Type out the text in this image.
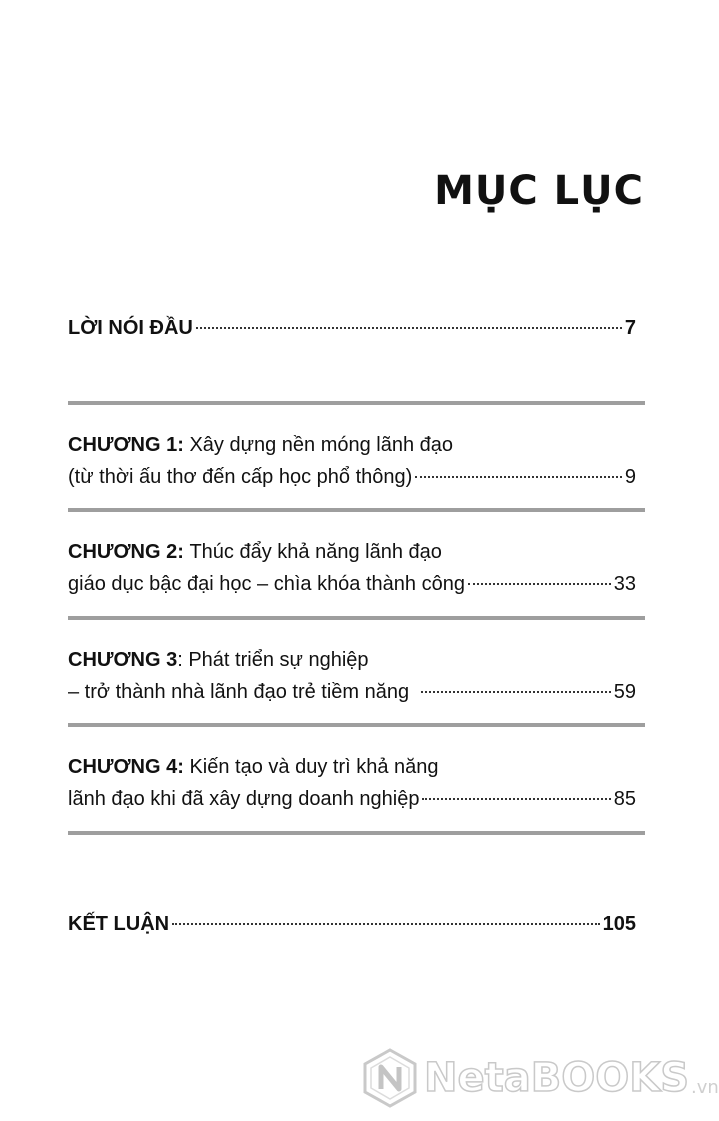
MỤC LỤC
LỜI NÓI ĐẦU	7
CHƯƠNG 1:
Xây dựng nền móng lãnh đạo
(từ thời ấu thơ đến cấp học phổ thông)	9
CHƯƠNG 2:
Thúc đẩy khả năng lãnh đạo
giáo dục bậc đại học – chìa khóa thành công	33
CHƯƠNG 3 :
Phát triển sự nghiệp
– trở thành nhà lãnh đạo trẻ tiềm năng	59
CHƯƠNG 4:
Kiến tạo và duy trì khả năng
lãnh đạo khi đã xây dựng doanh nghiệp	85
KẾT LUẬN	105
NetaBOOKS .vn
